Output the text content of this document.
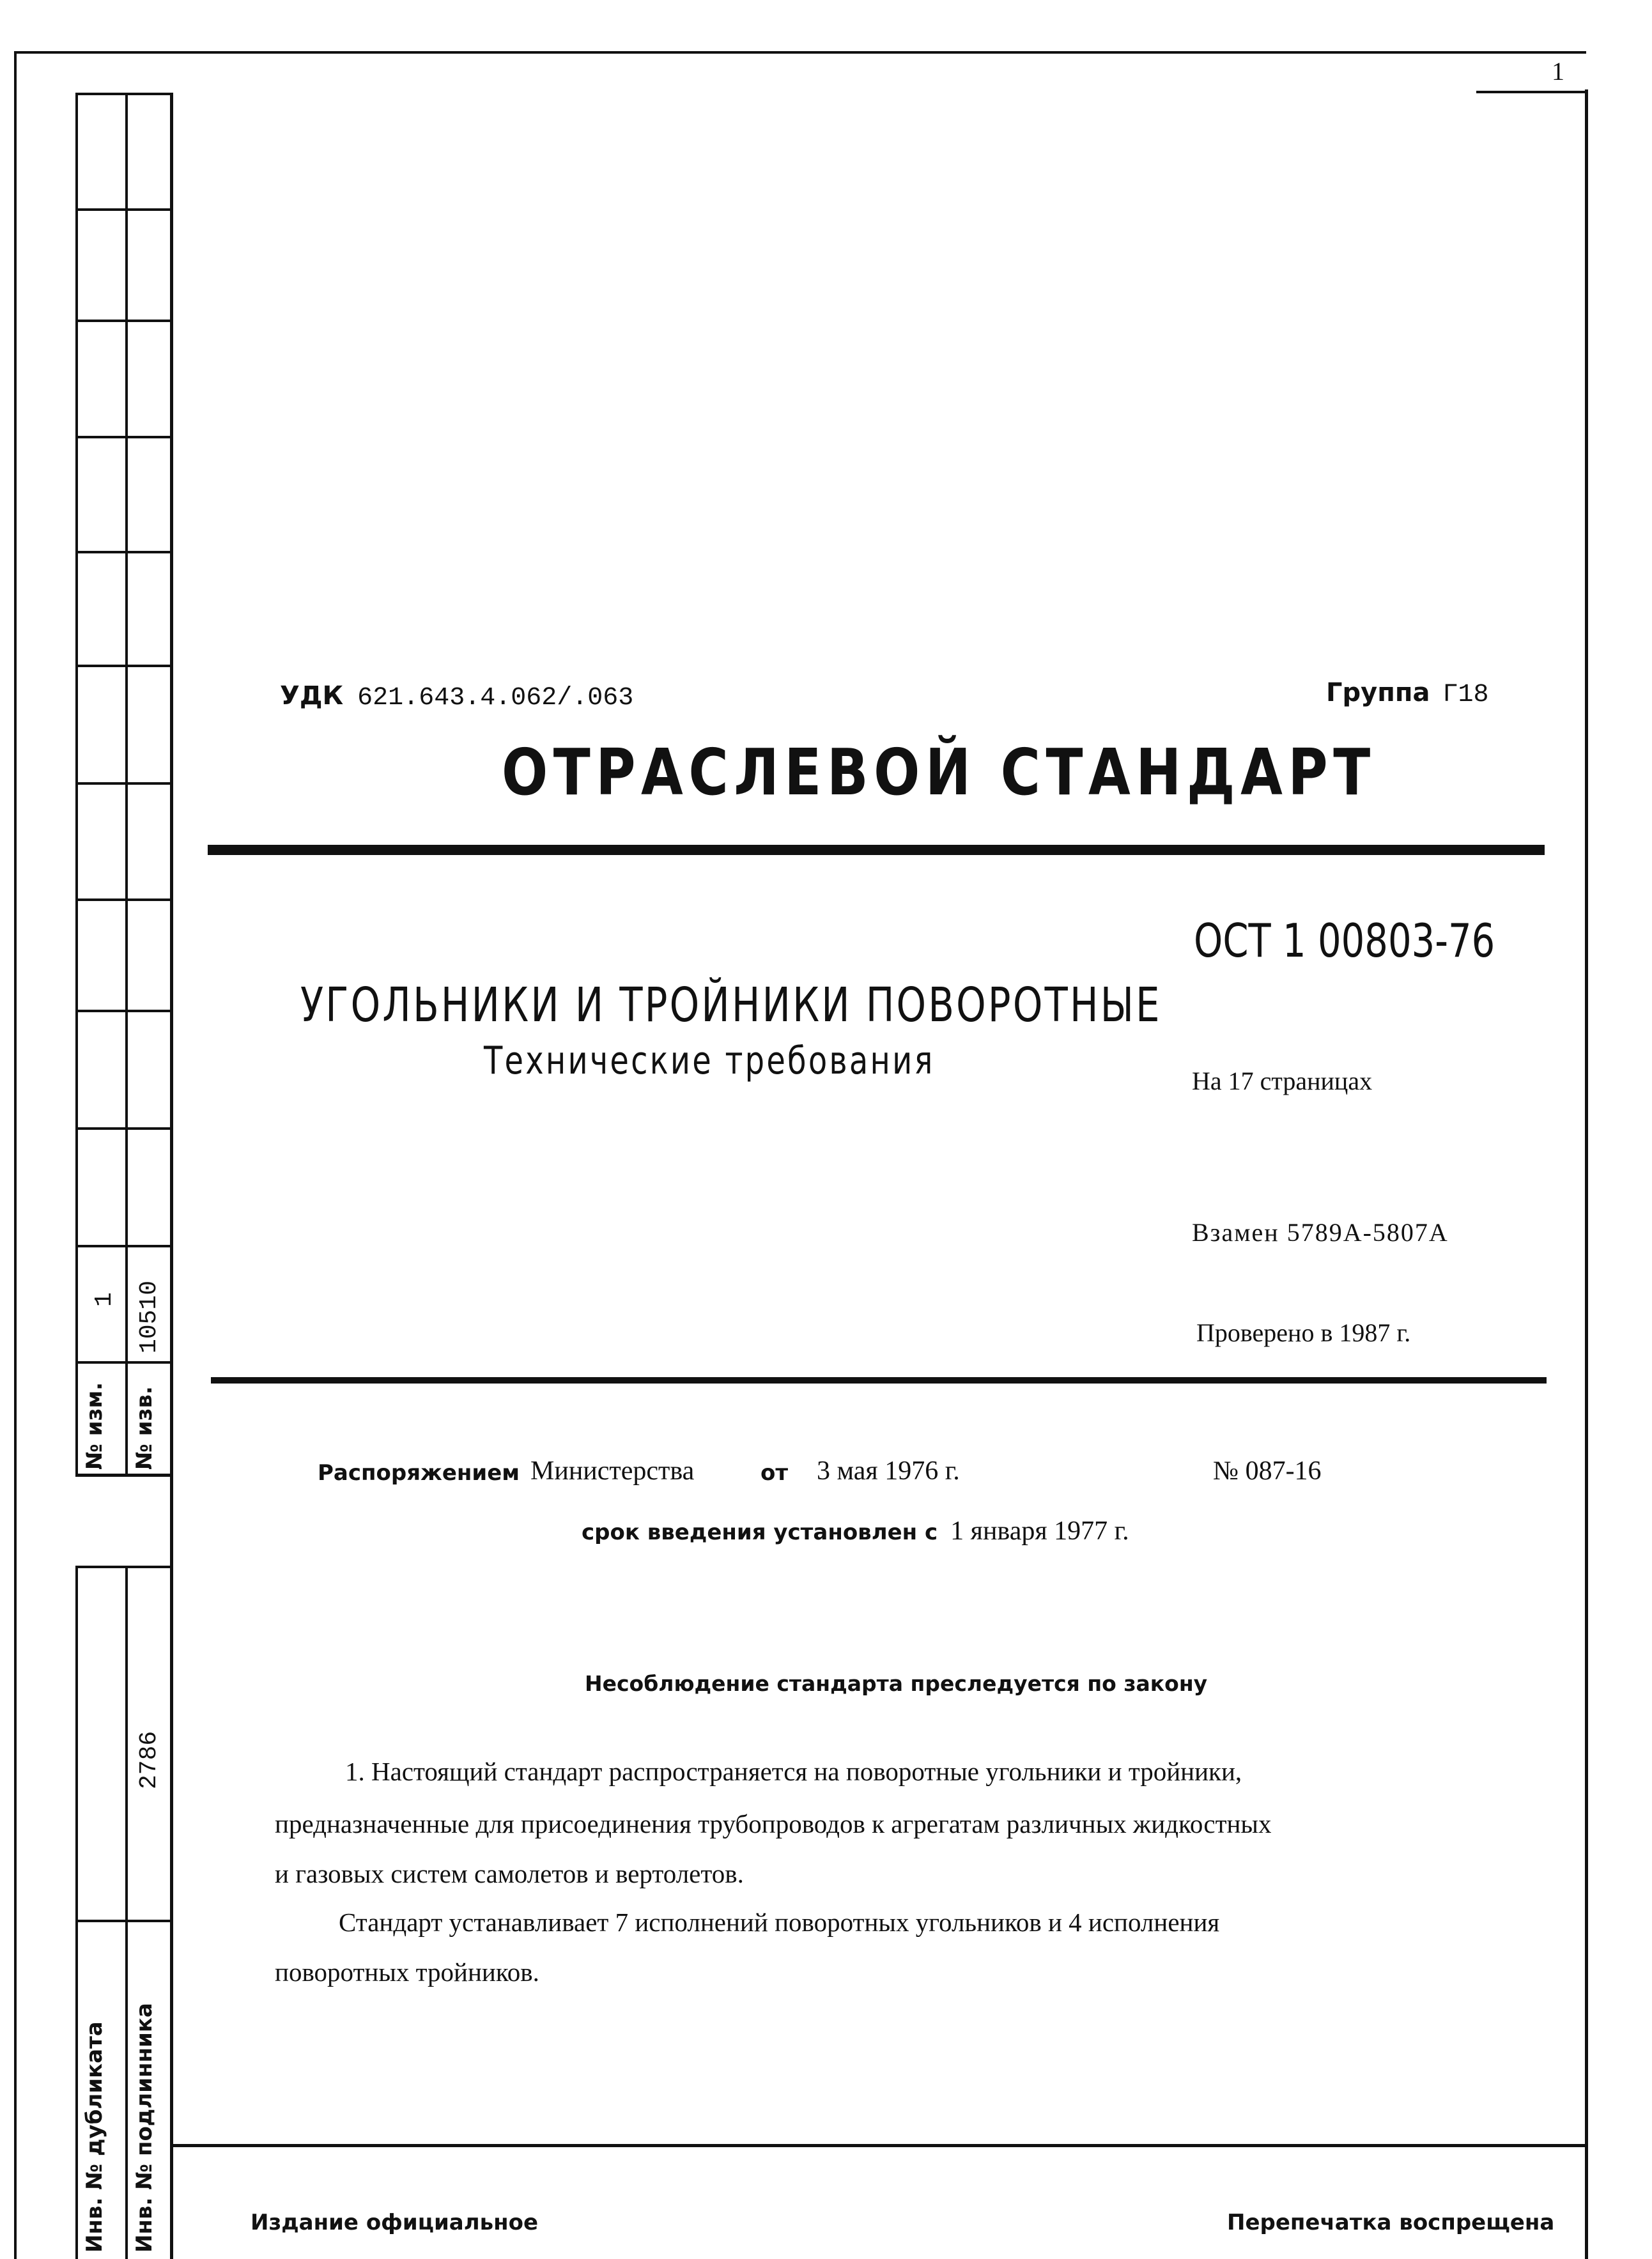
1
№ изм.
1
№ изв.
10510
2786
Инв. № дубликата Инв. № подлинника
УДК 621.643.4.062/.063	Группа Г18
ОТРАСЛЕВОЙ СТАНДАРТ
ОСТ 1 00803-76
УГОЛЬНИКИ И ТРОЙНИКИ ПОВОРОТНЫЕ
Технические требования	На 17 страницах
Взамен 5789А-5807А
Проверено в 1987 г.
Распоряжением Министерства	от 3 мая 1976 г.	№ 087-16
срок введения установлен с 1 января 1977 г.
Несоблюдение стандарта преследуется по закону
1. Настоящий стандарт распространяется на поворотные угольники и тройники,
предназначенные для присоединения трубопроводов к агрегатам различных жидкостных
и газовых систем самолетов и вертолетов.
Стандарт устанавливает 7 исполнений поворотных угольников и 4 исполнения
поворотных тройников.
Издание официальное	Перепечатка воспрещена
